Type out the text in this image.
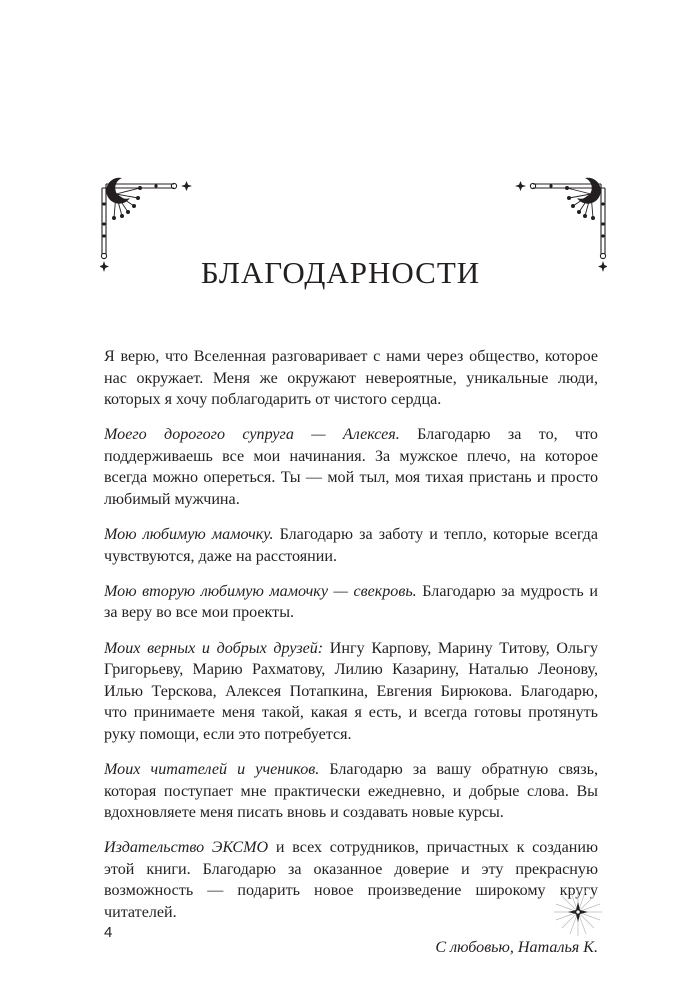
БЛАГОДАРНОСТИ

Я верю, что Вселенная разговаривает с нами через общество, которое нас окружает. Меня же окружают невероятные, уникальные люди, которых я хочу поблагодарить от чистого сердца.

Моего дорогого супруга — Алексея. Благодарю за то, что поддерживаешь все мои начинания. За мужское плечо, на которое всегда можно опереться. Ты — мой тыл, моя тихая пристань и просто любимый мужчина.

Мою любимую мамочку. Благодарю за заботу и тепло, которые всегда чувствуются, даже на расстоянии.

Мою вторую любимую мамочку — свекровь. Благодарю за мудрость и за веру во все мои проекты.

Моих верных и добрых друзей: Ингу Карпову, Марину Титову, Ольгу Григорьеву, Марию Рахматову, Лилию Казарину, Наталью Леонову, Илью Терскова, Алексея Потапкина, Евгения Бирюкова. Благодарю, что принимаете меня такой, какая я есть, и всегда готовы протянуть руку помощи, если это потребуется.

Моих читателей и учеников. Благодарю за вашу обратную связь, которая поступает мне практически ежедневно, и добрые слова. Вы вдохновляете меня писать вновь и создавать новые курсы.

Издательство ЭКСМО и всех сотрудников, причастных к созданию этой книги. Благодарю за оказанное доверие и эту прекрасную возможность — подарить новое произведение широкому кругу читателей.

С любовью, Наталья К.

4
